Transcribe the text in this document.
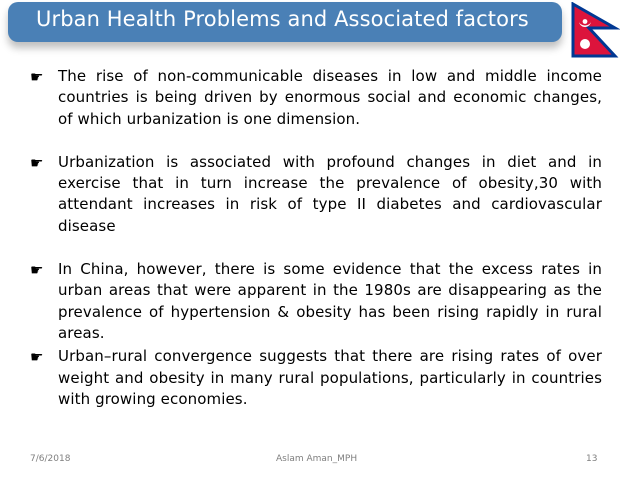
Urban Health Problems and Associated factors
☛ The rise of non-communicable diseases in low and middle income countries is being driven by enormous social and economic changes, of which urbanization is one dimension.
☛ Urbanization is associated with profound changes in diet and in exercise that in turn increase the prevalence of obesity,30 with attendant increases in risk of type II diabetes and cardiovascular disease
☛ In China, however, there is some evidence that the excess rates in urban areas that were apparent in the 1980s are disappearing as the prevalence of hypertension & obesity has been rising rapidly in rural areas.
☛ Urban–rural convergence suggests that there are rising rates of over weight and obesity in many rural populations, particularly in countries with growing economies.
7/6/2018	Aslam Aman_MPH	13
